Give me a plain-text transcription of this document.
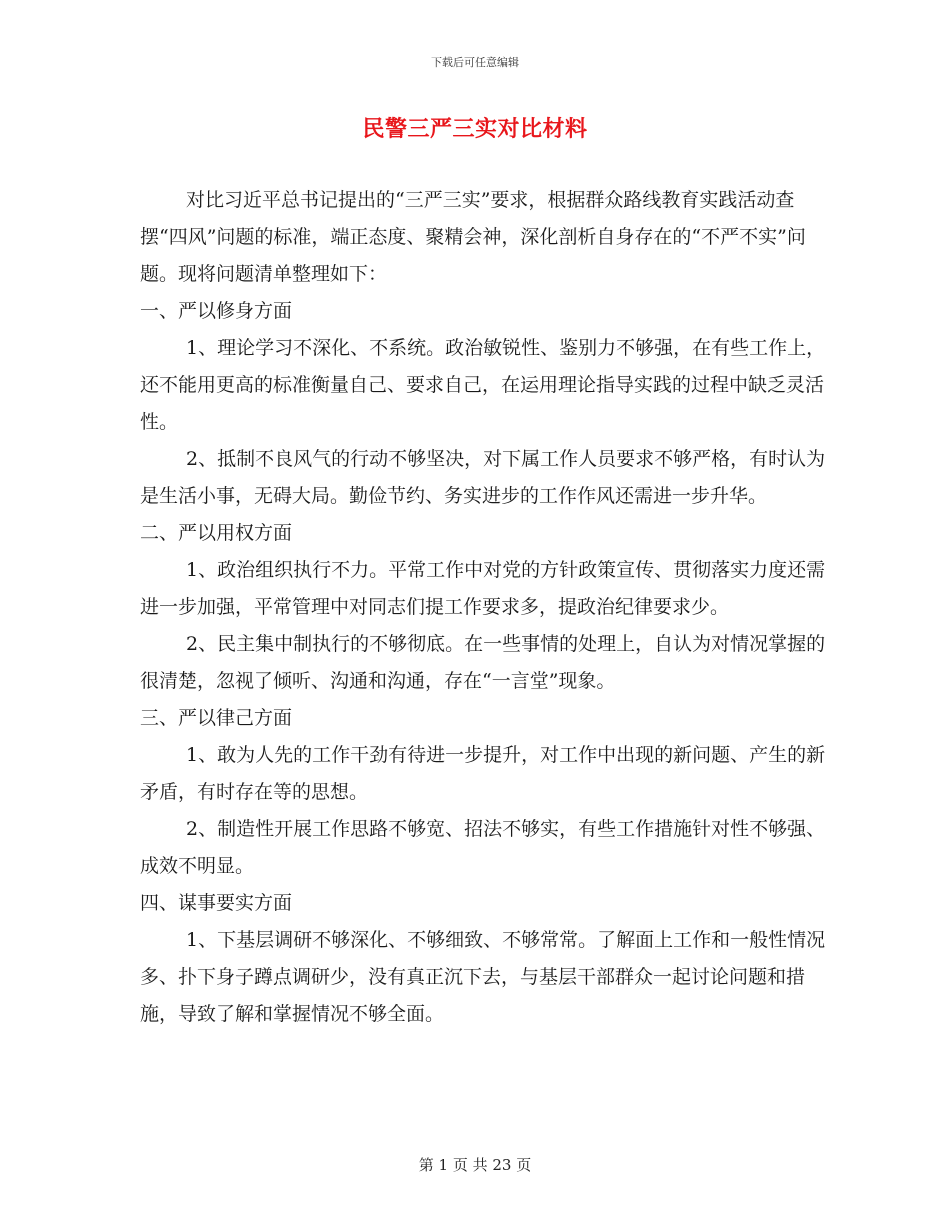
下载后可任意编辑
民警三严三实对比材料

对比习近平总书记提出的“三严三实”要求，根据群众路线教育实践活动查摆“四风”问题的标准，端正态度、聚精会神，深化剖析自身存在的“不严不实”问题。现将问题清单整理如下：

一、严以修身方面

1、理论学习不深化、不系统。政治敏锐性、鉴别力不够强，在有些工作上，还不能用更高的标准衡量自己、要求自己，在运用理论指导实践的过程中缺乏灵活性。

2、抵制不良风气的行动不够坚决，对下属工作人员要求不够严格，有时认为是生活小事，无碍大局。勤俭节约、务实进步的工作作风还需进一步升华。

二、严以用权方面

1、政治组织执行不力。平常工作中对党的方针政策宣传、贯彻落实力度还需进一步加强，平常管理中对同志们提工作要求多，提政治纪律要求少。

2、民主集中制执行的不够彻底。在一些事情的处理上，自认为对情况掌握的很清楚，忽视了倾听、沟通和沟通，存在“一言堂”现象。

三、严以律己方面

1、敢为人先的工作干劲有待进一步提升，对工作中出现的新问题、产生的新矛盾，有时存在等的思想。

2、制造性开展工作思路不够宽、招法不够实，有些工作措施针对性不够强、成效不明显。

四、谋事要实方面

1、下基层调研不够深化、不够细致、不够常常。了解面上工作和一般性情况多、扑下身子蹲点调研少，没有真正沉下去，与基层干部群众一起讨论问题和措施，导致了解和掌握情况不够全面。

第 1 页 共 23 页
